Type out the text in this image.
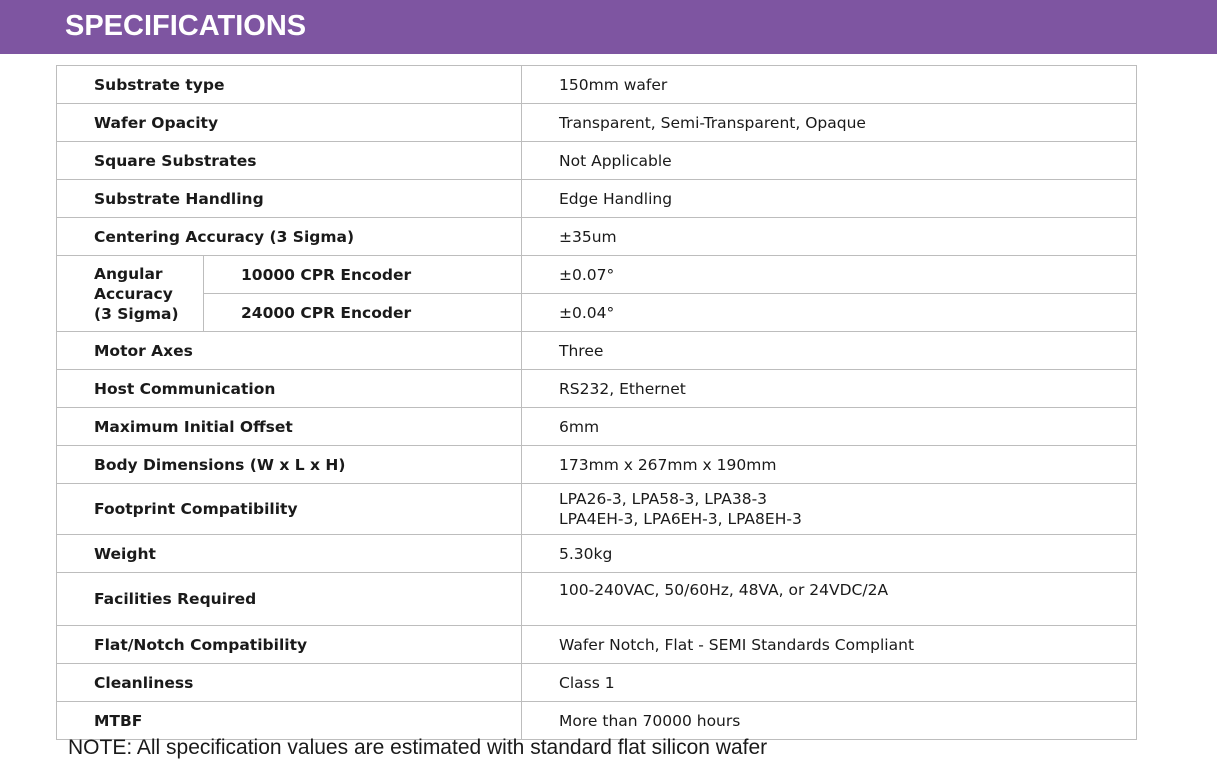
SPECIFICATIONS
Substrate type		150mm wafer
Wafer Opacity		Transparent, Semi-Transparent, Opaque
Square Substrates		Not Applicable
Substrate Handling		Edge Handling
Centering Accuracy (3 Sigma)		±35um

Angular
Accuracy
(3 Sigma)	10000 CPR Encoder	±0.07°
	24000 CPR Encoder	±0.04°
Motor Axes		Three
Host Communication		RS232, Ethernet
Maximum Initial Offset		6mm
Body Dimensions (W x L x H)		173mm x 267mm x 190mm
Footprint Compatibility		LPA26-3, LPA58-3, LPA38-3
LPA4EH-3, LPA6EH-3, LPA8EH-3

Weight		5.30kg
Facilities Required		100-240VAC, 50/60Hz, 48VA, or 24VDC/2A
Flat/Notch Compatibility		Wafer Notch, Flat - SEMI Standards Compliant
Cleanliness		Class 1
MTBF		More than 70000 hours
NOTE: All specification values are estimated with standard flat silicon wafer
